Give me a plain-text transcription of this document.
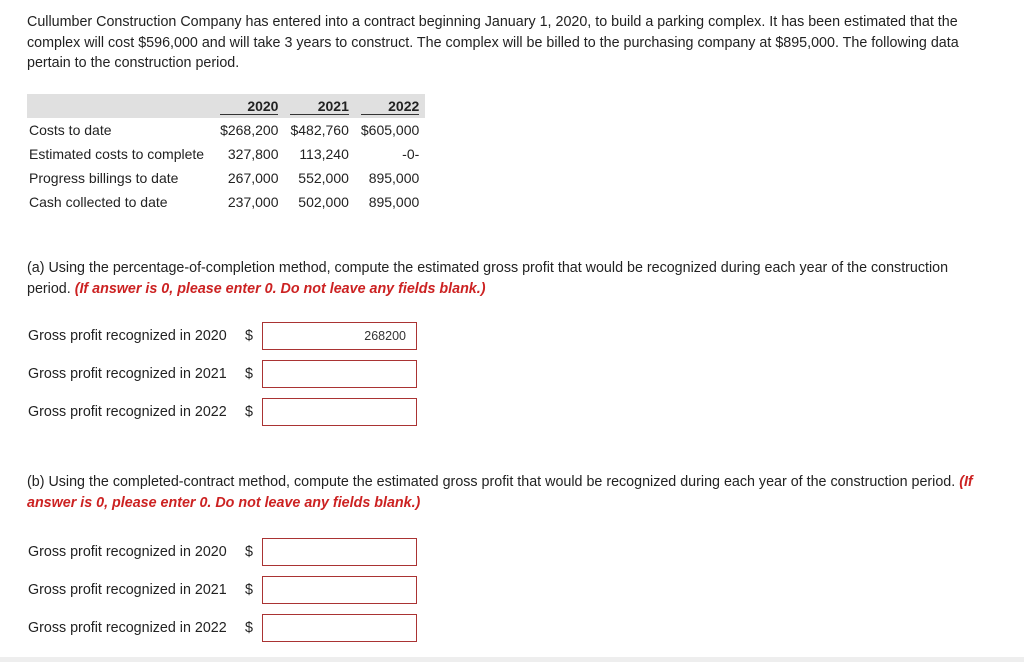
Cullumber Construction Company has entered into a contract beginning January 1, 2020, to build a parking complex. It has been estimated that the complex will cost $596,000 and will take 3 years to construct. The complex will be billed to the purchasing company at $895,000. The following data pertain to the construction period.
	2020	2021	2022
Costs to date	$268,200	$482,760	$605,000
Estimated costs to complete	327,800	113,240	-0-
Progress billings to date	267,000	552,000	895,000
Cash collected to date	237,000	502,000	895,000
(a) Using the percentage-of-completion method, compute the estimated gross profit that would be recognized during each year of the construction period. (If answer is 0, please enter 0. Do not leave any fields blank.)
Gross profit recognized in 2020	$
268200
Gross profit recognized in 2021	$
Gross profit recognized in 2022	$
(b) Using the completed-contract method, compute the estimated gross profit that would be recognized during each year of the construction period. (If answer is 0, please enter 0. Do not leave any fields blank.)
Gross profit recognized in 2020	$
Gross profit recognized in 2021	$
Gross profit recognized in 2022	$
